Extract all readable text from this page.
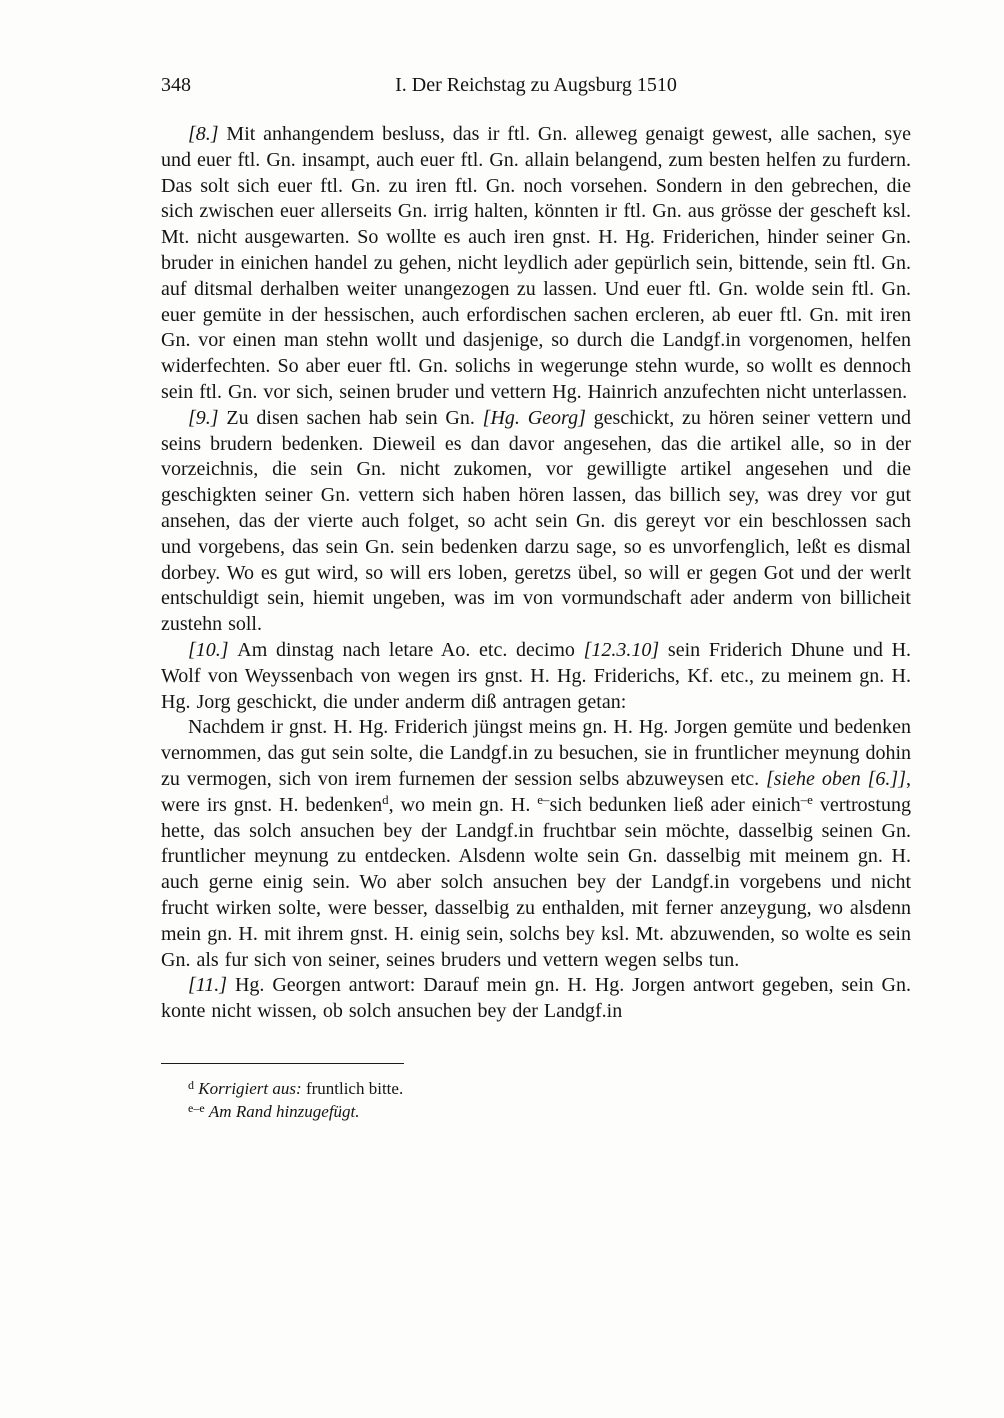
348	I. Der Reichstag zu Augsburg 1510

[8.] Mit anhangendem besluss, das ir ftl. Gn. alleweg genaigt gewest, alle sachen, sye und euer ftl. Gn. insampt, auch euer ftl. Gn. allain belangend, zum besten helfen zu furdern. Das solt sich euer ftl. Gn. zu iren ftl. Gn. noch vorsehen. Sondern in den gebrechen, die sich zwischen euer allerseits Gn. irrig halten, könnten ir ftl. Gn. aus grösse der gescheft ksl. Mt. nicht ausgewarten. So wollte es auch iren gnst. H. Hg. Friderichen, hinder seiner Gn. bruder in einichen handel zu gehen, nicht leydlich ader gepürlich sein, bittende, sein ftl. Gn. auf ditsmal derhalben weiter unangezogen zu lassen. Und euer ftl. Gn. wolde sein ftl. Gn. euer gemüte in der hessischen, auch erfordischen sachen ercleren, ab euer ftl. Gn. mit iren Gn. vor einen man stehn wollt und dasjenige, so durch die Landgf.in vorgenomen, helfen widerfechten. So aber euer ftl. Gn. solichs in wegerunge stehn wurde, so wollt es dennoch sein ftl. Gn. vor sich, seinen bruder und vettern Hg. Hainrich anzufechten nicht unterlassen.

[9.] Zu disen sachen hab sein Gn. [Hg. Georg] geschickt, zu hören seiner vettern und seins brudern bedenken. Dieweil es dan davor angesehen, das die artikel alle, so in der vorzeichnis, die sein Gn. nicht zukomen, vor gewilligte artikel angesehen und die geschigkten seiner Gn. vettern sich haben hören lassen, das billich sey, was drey vor gut ansehen, das der vierte auch folget, so acht sein Gn. dis gereyt vor ein beschlossen sach und vorgebens, das sein Gn. sein bedenken darzu sage, so es unvorfenglich, leßt es dismal dorbey. Wo es gut wird, so will ers loben, geretzs übel, so will er gegen Got und der werlt entschuldigt sein, hiemit ungeben, was im von vormundschaft ader anderm von billicheit zustehn soll.

[10.] Am dinstag nach letare Ao. etc. decimo [12.3.10] sein Friderich Dhune und H. Wolf von Weyssenbach von wegen irs gnst. H. Hg. Friderichs, Kf. etc., zu meinem gn. H. Hg. Jorg geschickt, die under anderm diß antragen getan:

Nachdem ir gnst. H. Hg. Friderich jüngst meins gn. H. Hg. Jorgen gemüte und bedenken vernommen, das gut sein solte, die Landgf.in zu besuchen, sie in fruntlicher meynung dohin zu vermogen, sich von irem furnemen der session selbs abzuweysen etc. [siehe oben [6.]], were irs gnst. H. bedenken$^d$, wo mein gn. H. $^{e-}$sich bedunken ließ ader einich$^{-e}$ vertrostung hette, das solch ansuchen bey der Landgf.in fruchtbar sein möchte, dasselbig seinen Gn. fruntlicher meynung zu entdecken. Alsdenn wolte sein Gn. dasselbig mit meinem gn. H. auch gerne einig sein. Wo aber solch ansuchen bey der Landgf.in vorgebens und nicht frucht wirken solte, were besser, dasselbig zu enthalden, mit ferner anzeygung, wo alsdenn mein gn. H. mit ihrem gnst. H. einig sein, solchs bey ksl. Mt. abzuwenden, so wolte es sein Gn. als fur sich von seiner, seines bruders und vettern wegen selbs tun.

[11.] Hg. Georgen antwort: Darauf mein gn. H. Hg. Jorgen antwort gegeben, sein Gn. konte nicht wissen, ob solch ansuchen bey der Landgf.in

$^d$ Korrigiert aus: fruntlich bitte.

$^{e-e}$ Am Rand hinzugefügt.
